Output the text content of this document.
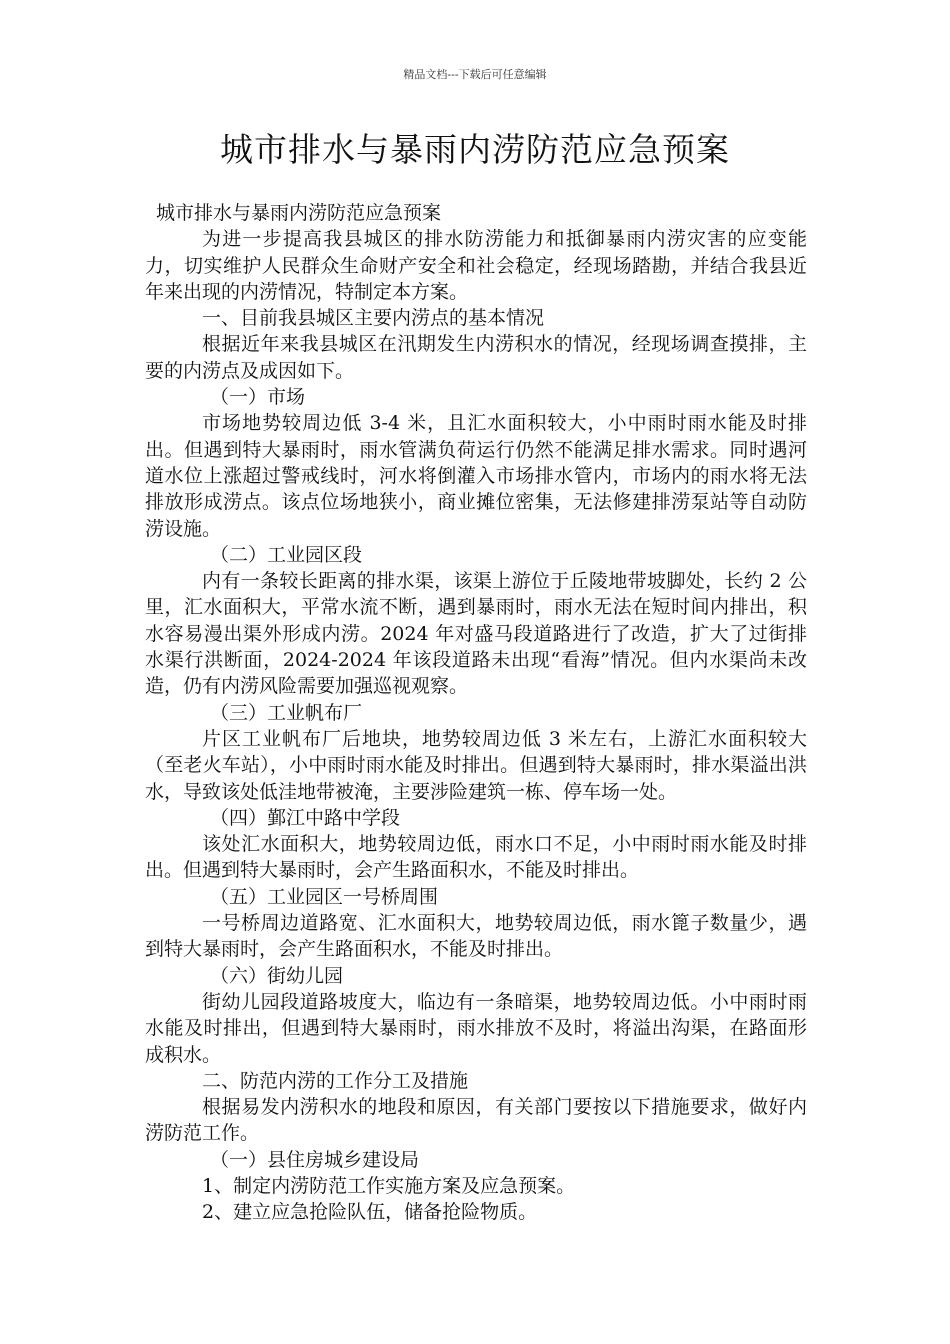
精品文档---下载后可任意编辑
城市排水与暴雨内涝防范应急预案

城市排水与暴雨内涝防范应急预案

为进一步提高我县城区的排水防涝能力和抵御暴雨内涝灾害的应变能力，切实维护人民群众生命财产安全和社会稳定，经现场踏勘，并结合我县近年来出现的内涝情况，特制定本方案。

一、目前我县城区主要内涝点的基本情况

根据近年来我县城区在汛期发生内涝积水的情况，经现场调查摸排，主要的内涝点及成因如下。

（一）市场

市场地势较周边低 3-4 米，且汇水面积较大，小中雨时雨水能及时排出。但遇到特大暴雨时，雨水管满负荷运行仍然不能满足排水需求。同时遇河道水位上涨超过警戒线时，河水将倒灌入市场排水管内，市场内的雨水将无法排放形成涝点。该点位场地狭小，商业摊位密集，无法修建排涝泵站等自动防涝设施。

（二）工业园区段

内有一条较长距离的排水渠，该渠上游位于丘陵地带坡脚处，长约 2 公里，汇水面积大，平常水流不断，遇到暴雨时，雨水无法在短时间内排出，积水容易漫出渠外形成内涝。2024 年对盛马段道路进行了改造，扩大了过街排水渠行洪断面，2024-2024 年该段道路未出现“看海”情况。但内水渠尚未改造，仍有内涝风险需要加强巡视观察。

（三）工业帆布厂

片区工业帆布厂后地块，地势较周边低 3 米左右，上游汇水面积较大（至老火车站），小中雨时雨水能及时排出。但遇到特大暴雨时，排水渠溢出洪水，导致该处低洼地带被淹，主要涉险建筑一栋、停车场一处。

（四）鄞江中路中学段

该处汇水面积大，地势较周边低，雨水口不足，小中雨时雨水能及时排出。但遇到特大暴雨时，会产生路面积水，不能及时排出。

（五）工业园区一号桥周围

一号桥周边道路宽、汇水面积大，地势较周边低，雨水篦子数量少，遇到特大暴雨时，会产生路面积水，不能及时排出。

（六）街幼儿园

街幼儿园段道路坡度大，临边有一条暗渠，地势较周边低。小中雨时雨水能及时排出，但遇到特大暴雨时，雨水排放不及时，将溢出沟渠，在路面形成积水。

二、防范内涝的工作分工及措施

根据易发内涝积水的地段和原因，有关部门要按以下措施要求，做好内涝防范工作。

（一）县住房城乡建设局

1、制定内涝防范工作实施方案及应急预案。

2、建立应急抢险队伍，储备抢险物质。
